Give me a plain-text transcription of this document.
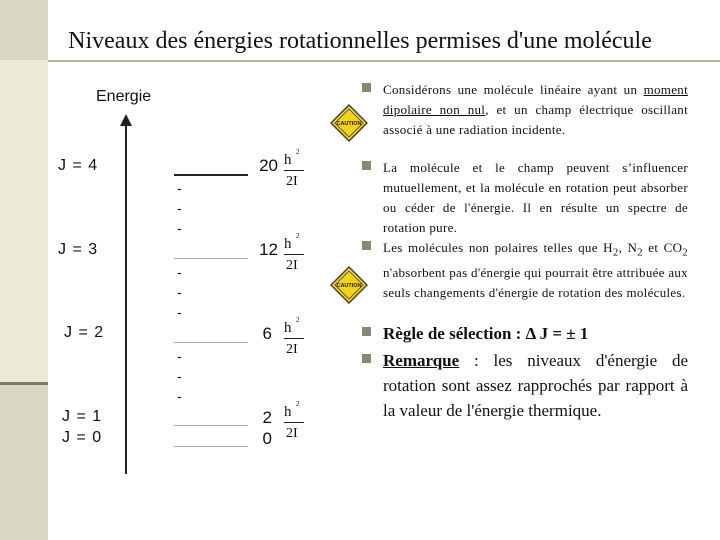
Niveaux des énergies rotationnelles permises d'une molécule
Energie
J = 4
J = 3
J = 2
J = 1
J = 0
-
-
-
-
-
-
-
-
-
20
12
6
2
0
h 2
2I
h 2
2I
h 2
2I
h 2
2I
CAUTION
CAUTION
Considérons une molécule linéaire ayant un moment dipolaire non nul, et un champ électrique oscillant associé à une radiation incidente.
La molécule et le champ peuvent s’influencer mutuellement, et la molécule en rotation peut absorber ou céder de l'énergie. Il en résulte un spectre de rotation pure.
Les molécules non polaires telles que $H_2$, $N_2$ et $CO_2$ n'absorbent pas d'énergie qui pourrait être attribuée aux seuls changements d'énergie de rotation des molécules.
Règle de sélection : Δ J = ± 1
Remarque : les niveaux d'énergie de rotation sont assez rapprochés par rapport à la valeur de l'énergie thermique.
